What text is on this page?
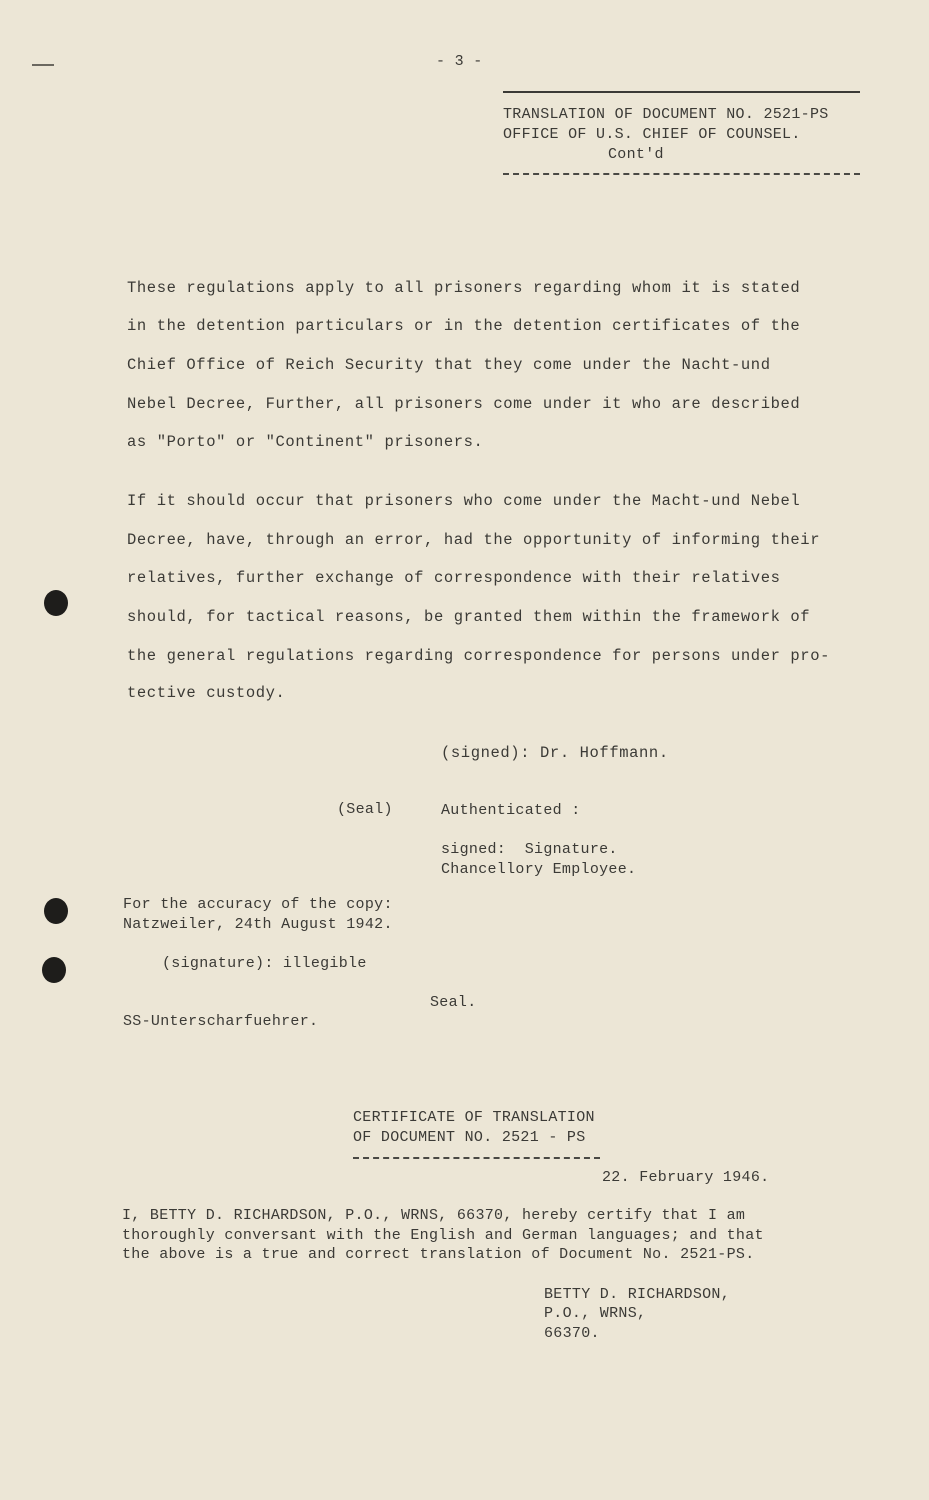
- 3 -
TRANSLATION OF DOCUMENT NO. 2521-PS
OFFICE OF U.S. CHIEF OF COUNSEL.
Cont'd
These regulations apply to all prisoners regarding whom it is stated
in the detention particulars or in the detention certificates of the
Chief Office of Reich Security that they come under the Nacht-und
Nebel Decree, Further, all prisoners come under it who are described
as "Porto" or "Continent" prisoners.
If it should occur that prisoners who come under the Macht-und Nebel
Decree, have, through an error, had the opportunity of informing their
relatives, further exchange of correspondence with their relatives
should, for tactical reasons, be granted them within the framework of
the general regulations regarding correspondence for persons under pro-
tective custody.
(signed): Dr. Hoffmann.
(Seal)	Authenticated :
signed:  Signature.
Chancellory Employee.
For the accuracy of the copy:
Natzweiler, 24th August 1942.
(signature): illegible
Seal.
SS-Unterscharfuehrer.
CERTIFICATE OF TRANSLATION
OF DOCUMENT NO. 2521 - PS
22. February 1946.
I, BETTY D. RICHARDSON, P.O., WRNS, 66370, hereby certify that I am
thoroughly conversant with the English and German languages; and that
the above is a true and correct translation of Document No. 2521-PS.
BETTY D. RICHARDSON,
P.O., WRNS,
66370.
